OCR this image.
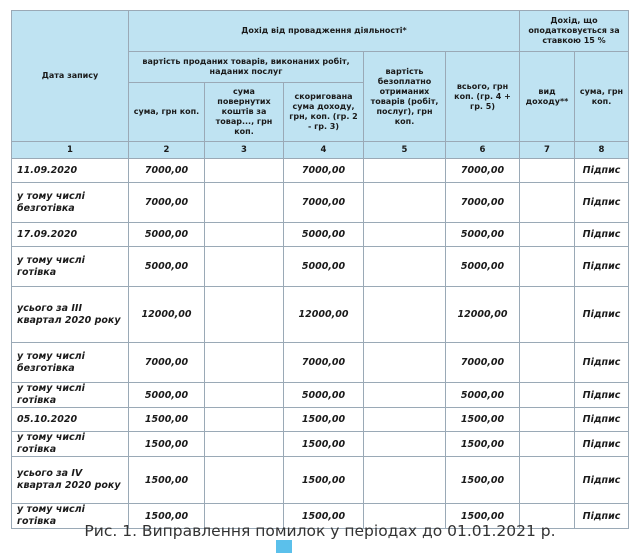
Дата запису	Дохід від провадження діяльності*					Дохід, що оподатковується за ставкою 15 %	
	вартість проданих товарів, виконаних робіт, наданих послуг			вартість безоплатно отриманих товарів (робіт, послуг), грн коп.	всього, грн коп. (гр. 4 + гр. 5)	вид доходу**	сума, грн коп.
	сума, грн коп.	сума повернутих коштів за товар..., грн коп.	скоригована сума доходу, грн, коп. (гр. 2 - гр. 3)				
1	2	3	4	5	6	7	8
11.09.2020	7000,00		7000,00		7000,00		Підпис
у тому числі безготівка	7000,00		7000,00		7000,00		Підпис
17.09.2020	5000,00		5000,00		5000,00		Підпис
у тому числі готівка	5000,00		5000,00		5000,00		Підпис
усього за ІІІ квартал 2020 року	12000,00		12000,00		12000,00		Підпис
у тому числі безготівка	7000,00		7000,00		7000,00		Підпис
у тому числі готівка	5000,00		5000,00		5000,00		Підпис
05.10.2020	1500,00		1500,00		1500,00		Підпис
у тому числі готівка	1500,00		1500,00		1500,00		Підпис
усього за IV квартал 2020 року	1500,00		1500,00		1500,00		Підпис
у тому числі готівка	1500,00		1500,00		1500,00		Підпис
Рис. 1. Виправлення помилок у періодах до 01.01.2021 р.
